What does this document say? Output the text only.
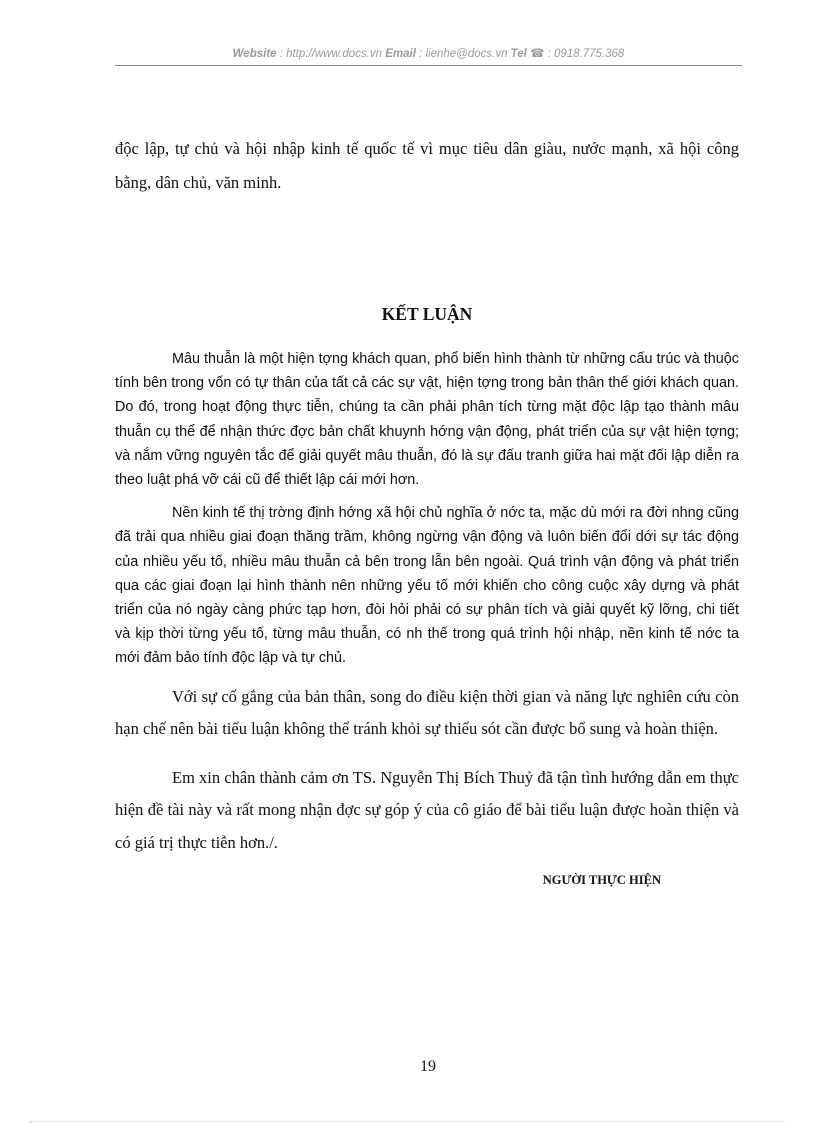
Website : http://www.docs.vn Email : lienhe@docs.vn Tel ☎ : 0918.775.368

độc lập, tự chủ và hội nhập kinh tế quốc tế vì mục tiêu dân giàu, nước mạnh, xã hội công bằng, dân chủ, văn minh.

KẾT LUẬN

Mâu thuẫn là một hiện tợng khách quan, phổ biến hình thành từ những cấu trúc và thuộc tính bên trong vốn có tự thân của tất cả các sự vật, hiện tợng trong bản thân thế giới khách quan. Do đó, trong hoạt động thực tiễn, chúng ta cần phải phân tích từng mặt độc lập tạo thành mâu thuẫn cụ thể để nhận thức đợc bản chất khuynh hớng vận động, phát triển của sự vật hiện tợng; và nắm vững nguyên tắc để giải quyết mâu thuẫn, đó là sự đấu tranh giữa hai mặt đối lập diễn ra theo luật phá vỡ cái cũ để thiết lập cái mới hơn.

Nền kinh tế thị trờng định hớng xã hội chủ nghĩa ở nớc ta, mặc dù mới ra đời nhng cũng đã trải qua nhiều giai đoạn thăng trầm, không ngừng vận động và luôn biến đổi dới sự tác động của nhiều yếu tố, nhiều mâu thuẫn cả bên trong lẫn bên ngoài. Quá trình vận động và phát triển qua các giai đoạn lại hình thành nên những yếu tố mới khiến cho công cuộc xây dựng và phát triển của nó ngày càng phức tạp hơn, đòi hỏi phải có sự phân tích và giải quyết kỹ lỡng, chi tiết và kịp thời từng yếu tố, từng mâu thuẫn, có nh thế trong quá trình hội nhập, nền kinh tế nớc ta mới đảm bảo tính độc lập và tự chủ.

Với sự cố gắng của bản thân, song do điều kiện thời gian và năng lực nghiên cứu còn hạn chế nên bài tiểu luận không thể tránh khỏi sự thiếu sót cần được bổ sung và hoàn thiện.

Em xin chân thành cảm ơn TS. Nguyễn Thị Bích Thuỷ đã tận tình hướng dẫn em thực hiện đề tài này và rất mong nhận đợc sự góp ý của cô giáo để bài tiểu luận được hoàn thiện và có giá trị thực tiễn hơn./.

NGƯỜI THỰC HIỆN

19
